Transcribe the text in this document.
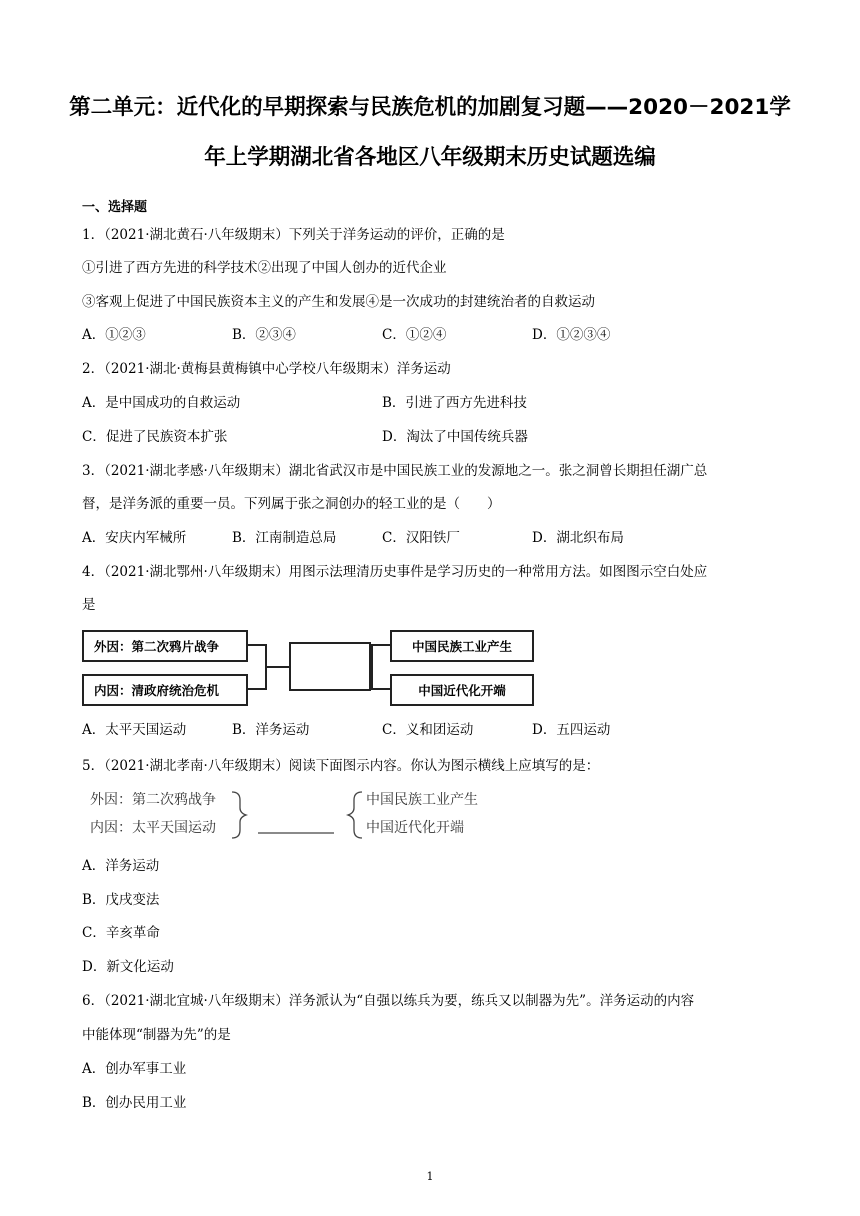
第二单元：近代化的早期探索与民族危机的加剧复习题——2020－2021学
年上学期湖北省各地区八年级期末历史试题选编
一、选择题
1．（2021·湖北黄石·八年级期末）下列关于洋务运动的评价，正确的是
①引进了西方先进的科学技术②出现了中国人创办的近代企业
③客观上促进了中国民族资本主义的产生和发展④是一次成功的封建统治者的自救运动
A．①②③	B．②③④	C．①②④	D．①②③④
2．（2021·湖北·黄梅县黄梅镇中心学校八年级期末）洋务运动
A．是中国成功的自救运动	B．引进了西方先进科技
C．促进了民族资本扩张	D．淘汰了中国传统兵器
3．（2021·湖北孝感·八年级期末）湖北省武汉市是中国民族工业的发源地之一。张之洞曾长期担任湖广总
督，是洋务派的重要一员。下列属于张之洞创办的轻工业的是（　　）
A．安庆内军械所	B．江南制造总局	C．汉阳铁厂	D．湖北织布局
4．（2021·湖北鄂州·八年级期末）用图示法理清历史事件是学习历史的一种常用方法。如图图示空白处应
是
外因：第二次鸦片战争
内因：清政府统治危机
中国民族工业产生
中国近代化开端
A．太平天国运动	B．洋务运动	C．义和团运动	D．五四运动
5．（2021·湖北孝南·八年级期末）阅读下面图示内容。你认为图示横线上应填写的是：
外因：第二次鸦战争
内因：太平天国运动
中国民族工业产生
中国近代化开端
A．洋务运动
B．戊戌变法
C．辛亥革命
D．新文化运动
6．（2021·湖北宜城·八年级期末）洋务派认为“自强以练兵为要，练兵又以制器为先”。洋务运动的内容
中能体现“制器为先”的是
A．创办军事工业
B．创办民用工业
1
